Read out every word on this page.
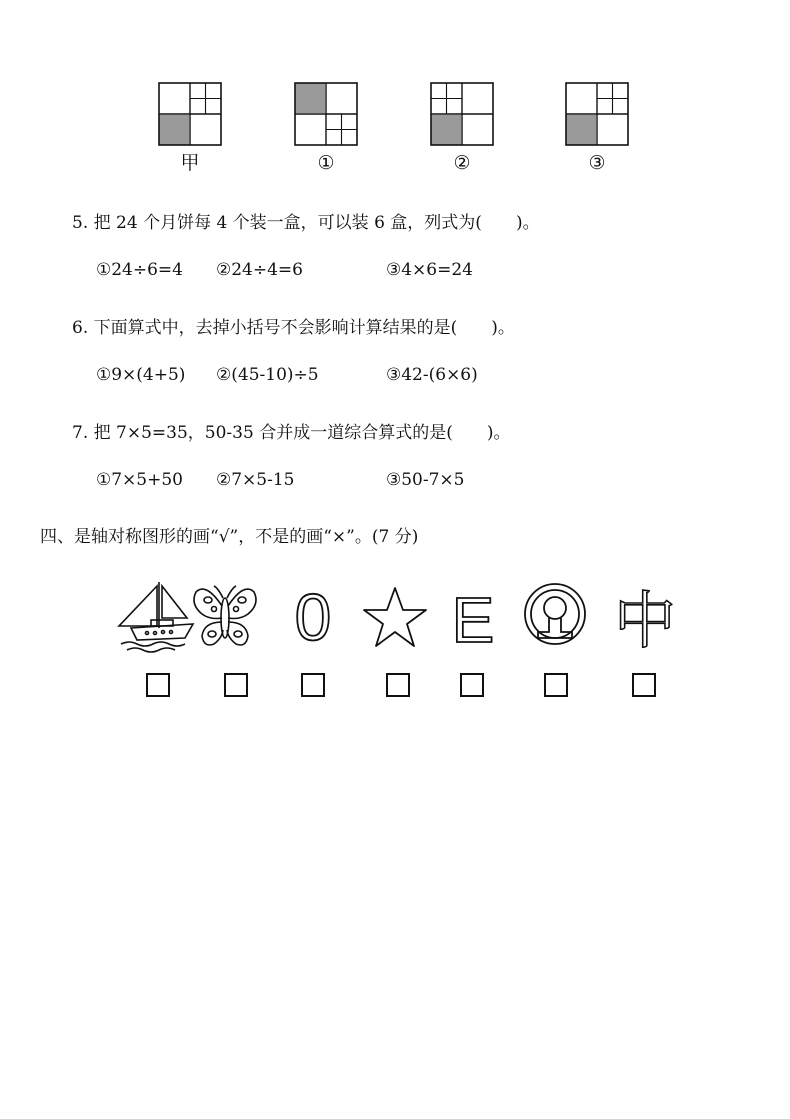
甲	①	②	③
5. 把 24 个月饼每 4 个装一盒，可以装 6 盒，列式为(　　)。
①24÷6=4 ②24÷4=6	③4×6=24
6. 下面算式中，去掉小括号不会影响计算结果的是(　　)。
①9×(4+5) ②(45-10)÷5	③42-(6×6)
7. 把 7×5=35，50-35 合并成一道综合算式的是(　　)。
①7×5+50 ②7×5-15	③50-7×5
四、是轴对称图形的画“√”，不是的画“×”。(7 分)
0 E 中
